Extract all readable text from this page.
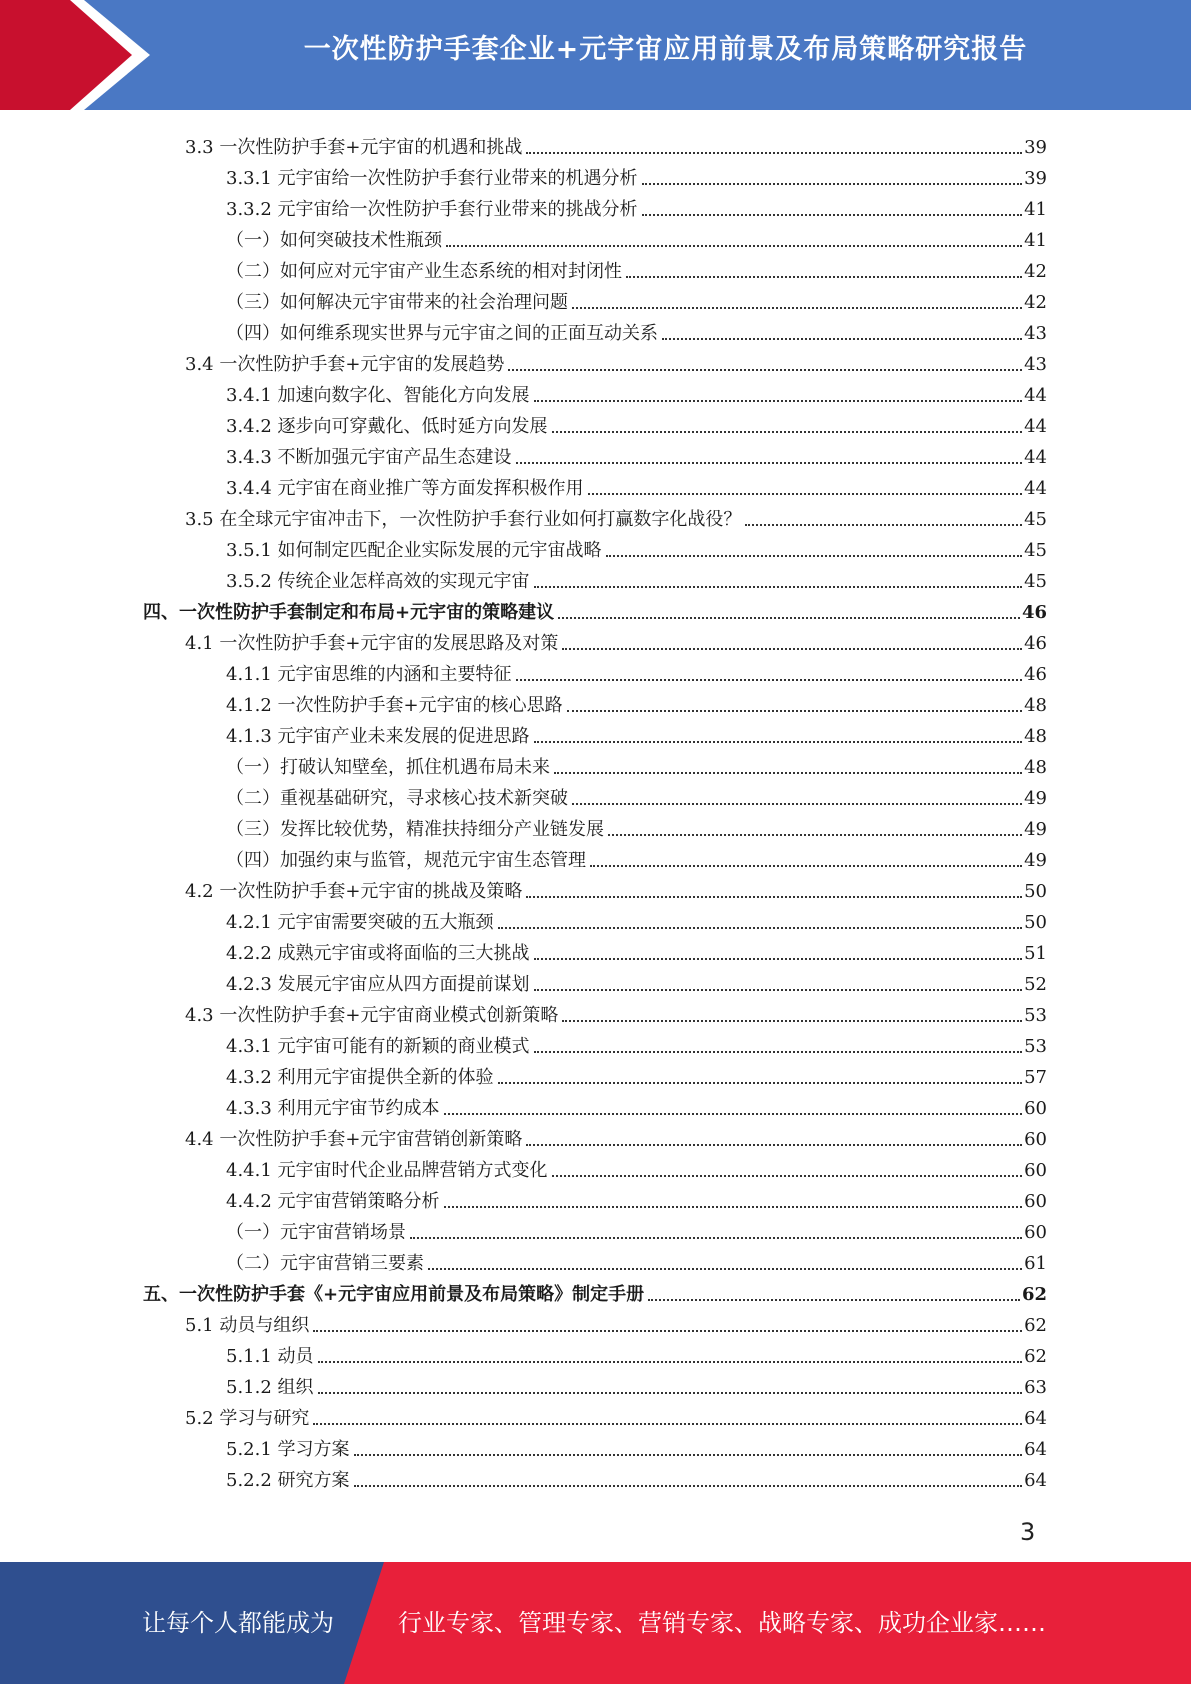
一次性防护手套企业+元宇宙应用前景及布局策略研究报告
3.3 一次性防护手套+元宇宙的机遇和挑战	39
3.3.1 元宇宙给一次性防护手套行业带来的机遇分析	39
3.3.2 元宇宙给一次性防护手套行业带来的挑战分析	41
（一）如何突破技术性瓶颈	41
（二）如何应对元宇宙产业生态系统的相对封闭性	42
（三）如何解决元宇宙带来的社会治理问题	42
（四）如何维系现实世界与元宇宙之间的正面互动关系	43
3.4 一次性防护手套+元宇宙的发展趋势	43
3.4.1 加速向数字化、智能化方向发展	44
3.4.2 逐步向可穿戴化、低时延方向发展	44
3.4.3 不断加强元宇宙产品生态建设	44
3.4.4 元宇宙在商业推广等方面发挥积极作用	44
3.5 在全球元宇宙冲击下，一次性防护手套行业如何打赢数字化战役？	45
3.5.1 如何制定匹配企业实际发展的元宇宙战略	45
3.5.2 传统企业怎样高效的实现元宇宙	45
四、一次性防护手套制定和布局+元宇宙的策略建议	46
4.1 一次性防护手套+元宇宙的发展思路及对策	46
4.1.1 元宇宙思维的内涵和主要特征	46
4.1.2 一次性防护手套+元宇宙的核心思路	48
4.1.3 元宇宙产业未来发展的促进思路	48
（一）打破认知壁垒，抓住机遇布局未来	48
（二）重视基础研究，寻求核心技术新突破	49
（三）发挥比较优势，精准扶持细分产业链发展	49
（四）加强约束与监管，规范元宇宙生态管理	49
4.2 一次性防护手套+元宇宙的挑战及策略	50
4.2.1 元宇宙需要突破的五大瓶颈	50
4.2.2 成熟元宇宙或将面临的三大挑战	51
4.2.3 发展元宇宙应从四方面提前谋划	52
4.3 一次性防护手套+元宇宙商业模式创新策略	53
4.3.1 元宇宙可能有的新颖的商业模式	53
4.3.2 利用元宇宙提供全新的体验	57
4.3.3 利用元宇宙节约成本	60
4.4 一次性防护手套+元宇宙营销创新策略	60
4.4.1 元宇宙时代企业品牌营销方式变化	60
4.4.2 元宇宙营销策略分析	60
（一）元宇宙营销场景	60
（二）元宇宙营销三要素	61
五、一次性防护手套《+元宇宙应用前景及布局策略》制定手册	62
5.1 动员与组织	62
5.1.1 动员	62
5.1.2 组织	63
5.2 学习与研究	64
5.2.1 学习方案	64
5.2.2 研究方案	64
3
让每个人都能成为	行业专家、管理专家、营销专家、战略专家、成功企业家……
